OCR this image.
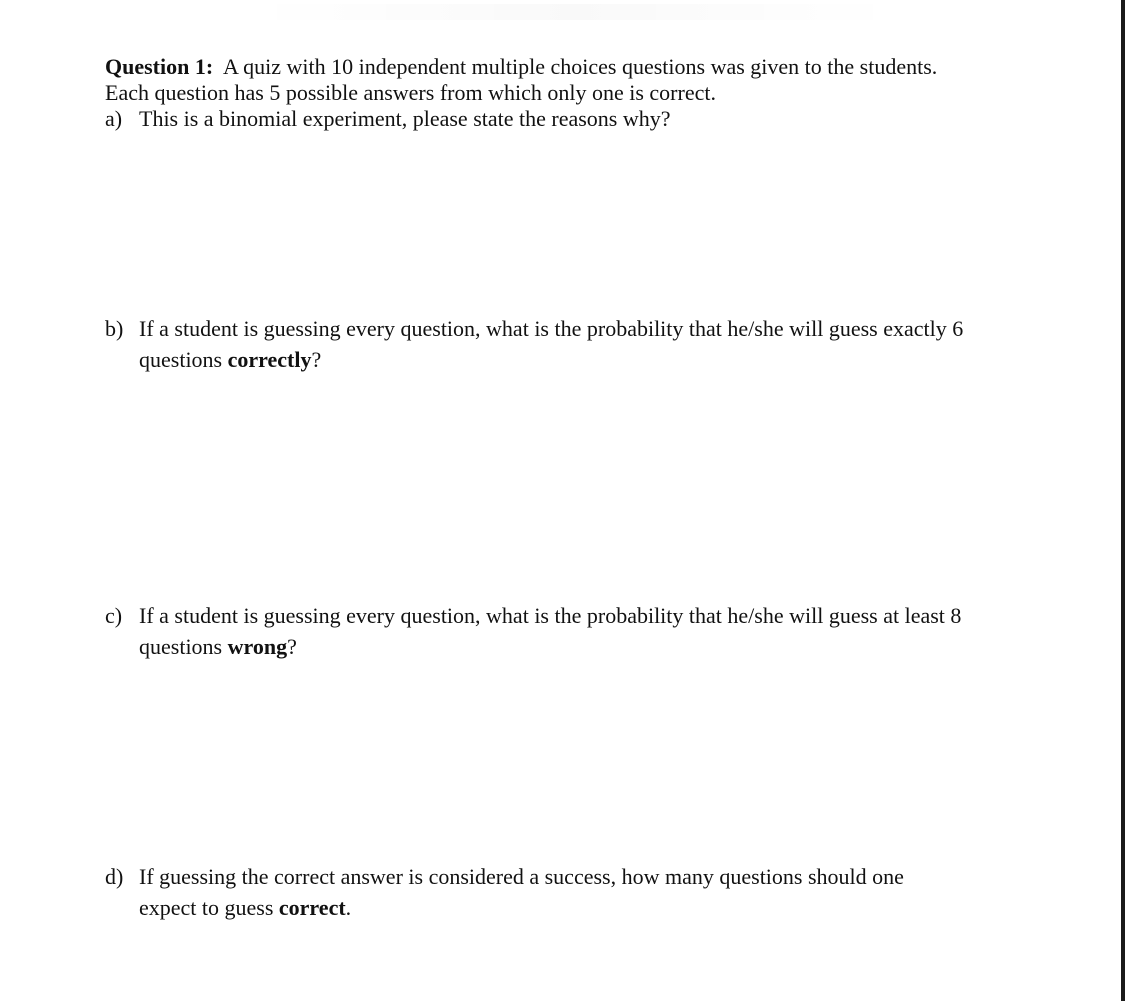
Question 1: A quiz with 10 independent multiple choices questions was given to the students.
Each question has 5 possible answers from which only one is correct.
a) This is a binomial experiment, please state the reasons why?
b) If a student is guessing every question, what is the probability that he/she will guess exactly 6
questions correctly?
c) If a student is guessing every question, what is the probability that he/she will guess at least 8
questions wrong?
d) If guessing the correct answer is considered a success, how many questions should one
expect to guess correct.
